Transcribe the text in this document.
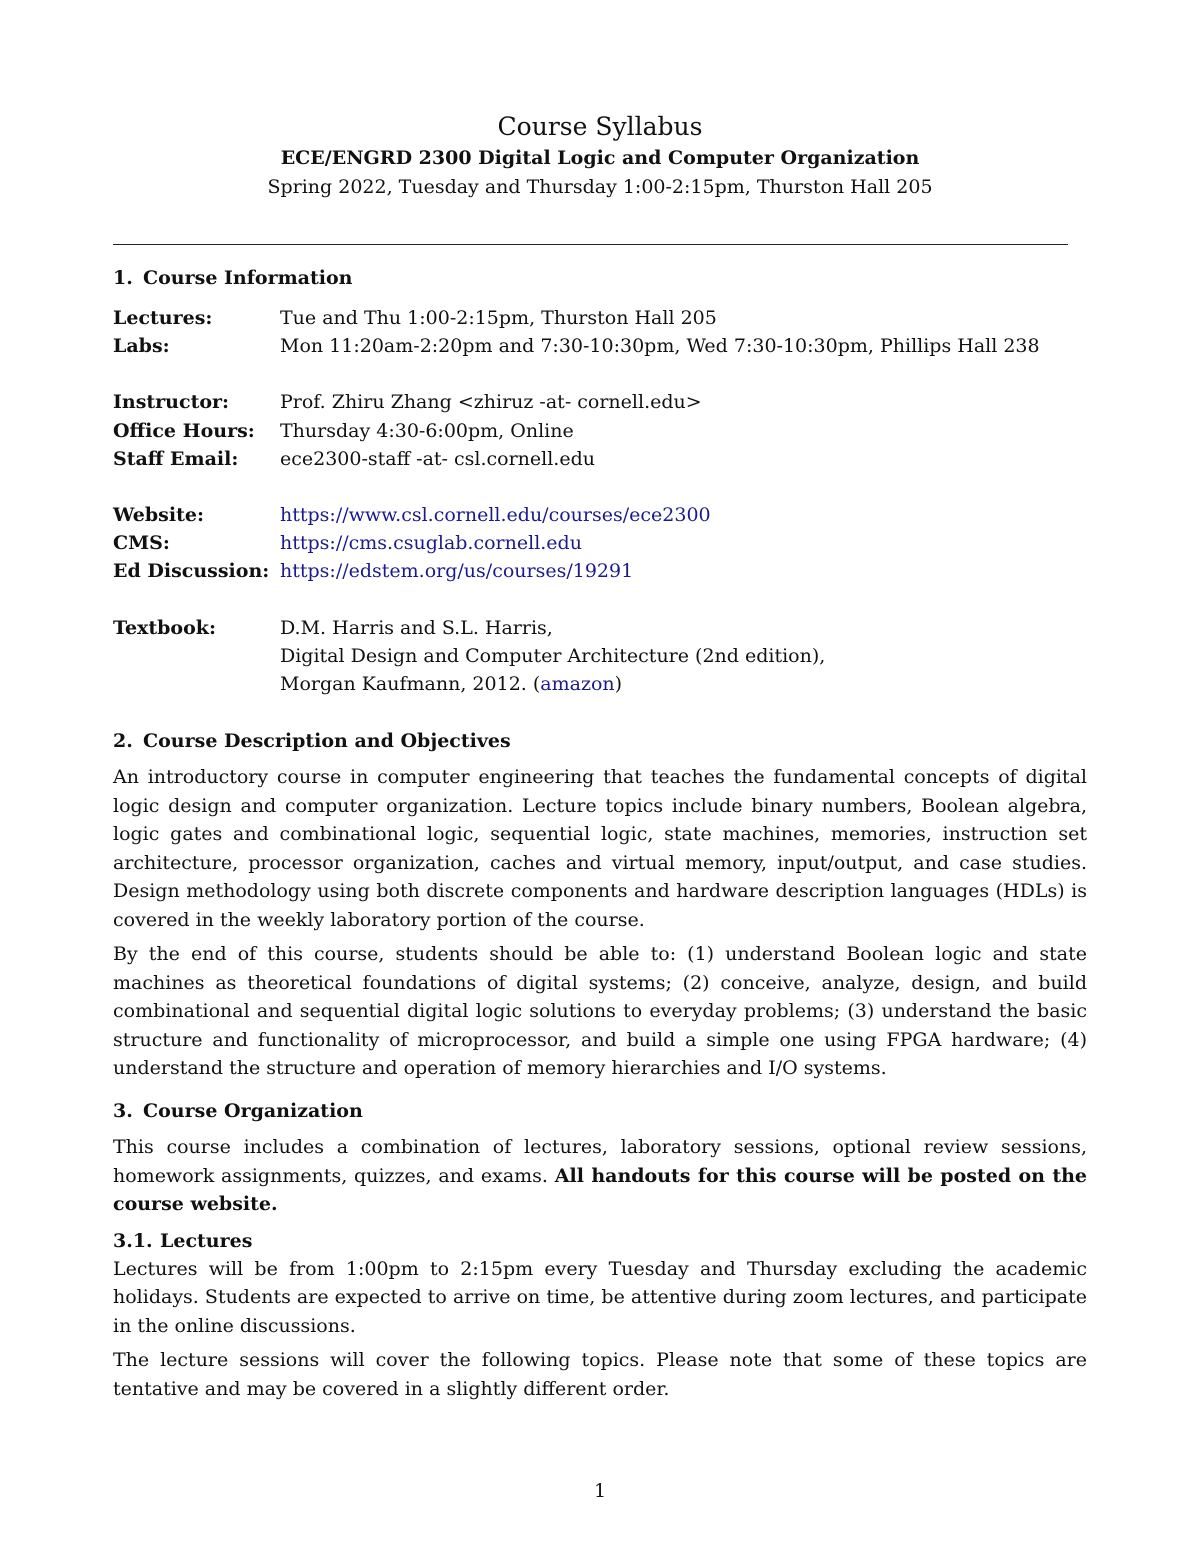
Course Syllabus
ECE/ENGRD 2300 Digital Logic and Computer Organization
Spring 2022, Tuesday and Thursday 1:00-2:15pm, Thurston Hall 205
1. Course Information
Lectures:	Tue and Thu 1:00-2:15pm, Thurston Hall 205
Labs:	Mon 11:20am-2:20pm and 7:30-10:30pm, Wed 7:30-10:30pm, Phillips Hall 238

Instructor:	Prof. Zhiru Zhang <zhiruz -at- cornell.edu>
Office Hours:	Thursday 4:30-6:00pm, Online
Staff Email:	ece2300-staff -at- csl.cornell.edu

Website:	https://www.csl.cornell.edu/courses/ece2300
CMS:	https://cms.csuglab.cornell.edu
Ed Discussion:	https://edstem.org/us/courses/19291

Textbook:	D.M. Harris and S.L. Harris,
	Digital Design and Computer Architecture (2nd edition),
	Morgan Kaufmann, 2012. (amazon)
2. Course Description and Objectives

An introductory course in computer engineering that teaches the fundamental concepts of digital logic design and computer organization. Lecture topics include binary numbers, Boolean algebra, logic gates and combinational logic, sequential logic, state machines, memories, instruction set architecture, processor organization, caches and virtual memory, input/output, and case studies. Design methodology using both discrete components and hardware description languages (HDLs) is covered in the weekly laboratory portion of the course.

By the end of this course, students should be able to: (1) understand Boolean logic and state machines as theoretical foundations of digital systems; (2) conceive, analyze, design, and build combinational and sequential digital logic solutions to everyday problems; (3) understand the basic structure and functionality of microprocessor, and build a simple one using FPGA hardware; (4) understand the structure and operation of memory hierarchies and I/O systems.

3. Course Organization

This course includes a combination of lectures, laboratory sessions, optional review sessions, homework assignments, quizzes, and exams. All handouts for this course will be posted on the course website.

3.1. Lectures

Lectures will be from 1:00pm to 2:15pm every Tuesday and Thursday excluding the academic holidays. Students are expected to arrive on time, be attentive during zoom lectures, and participate in the online discussions.

The lecture sessions will cover the following topics. Please note that some of these topics are tentative and may be covered in a slightly different order.

1
